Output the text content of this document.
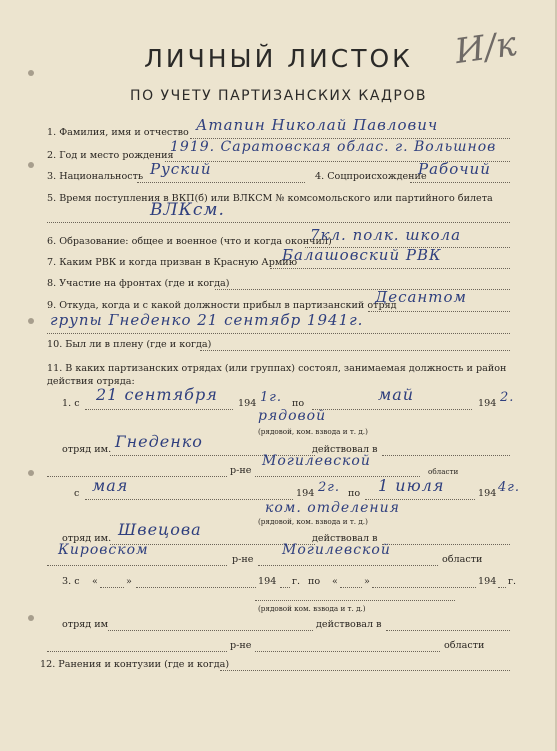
И/к
ЛИЧНЫЙ ЛИСТОК
ПО УЧЕТУ ПАРТИЗАНСКИХ КАДРОВ
1. Фамилия, имя и отчество Атапин Николай Павлович
2. Год и место рождения
1919. Саратовская облас. г. Вольшнов
3. Национальность Руский	4. Соцпроисхождение
Рабочий
5. Время поступления в ВКП(б) или ВЛКСМ № комсомольского или партийного билета
ВЛКсм.
6. Образование: общее и военное (что и когда окончил)
7кл. полк. школа
7. Каким РВК и когда призван в Красную Армию
Балашовский РВК
8. Участие на фронтах (где и когда)
9. Откуда, когда и с какой должности прибыл в партизанский отряд
Десантом
групы Гнеденко 21 сентябр 1941г.
10. Был ли в плену (где и когда)
11. В каких партизанских отрядах (или группах) состоял, занимаемая должность и район действия отряда:
1. с 21 сентября 194 1г. по	май	194 2.
рядовой
(рядовой, ком. взвода и т. д.)
отряд им. Гнеденко	действовал в
р-не
Могилевской
области
с мая	194 2г. по 1 июля	194 4г.
ком. отделения
(рядовой, ком. взвода и т. д.)
отряд им. Швецова	действовал в
Кировском
р-не
Могилевской
области
3. с «	»	194 г. по «	»	194 г.
(рядовой ком. взвода и т. д.)
отряд им	действовал в
р-не	области
12. Ранения и контузии (где и когда)
